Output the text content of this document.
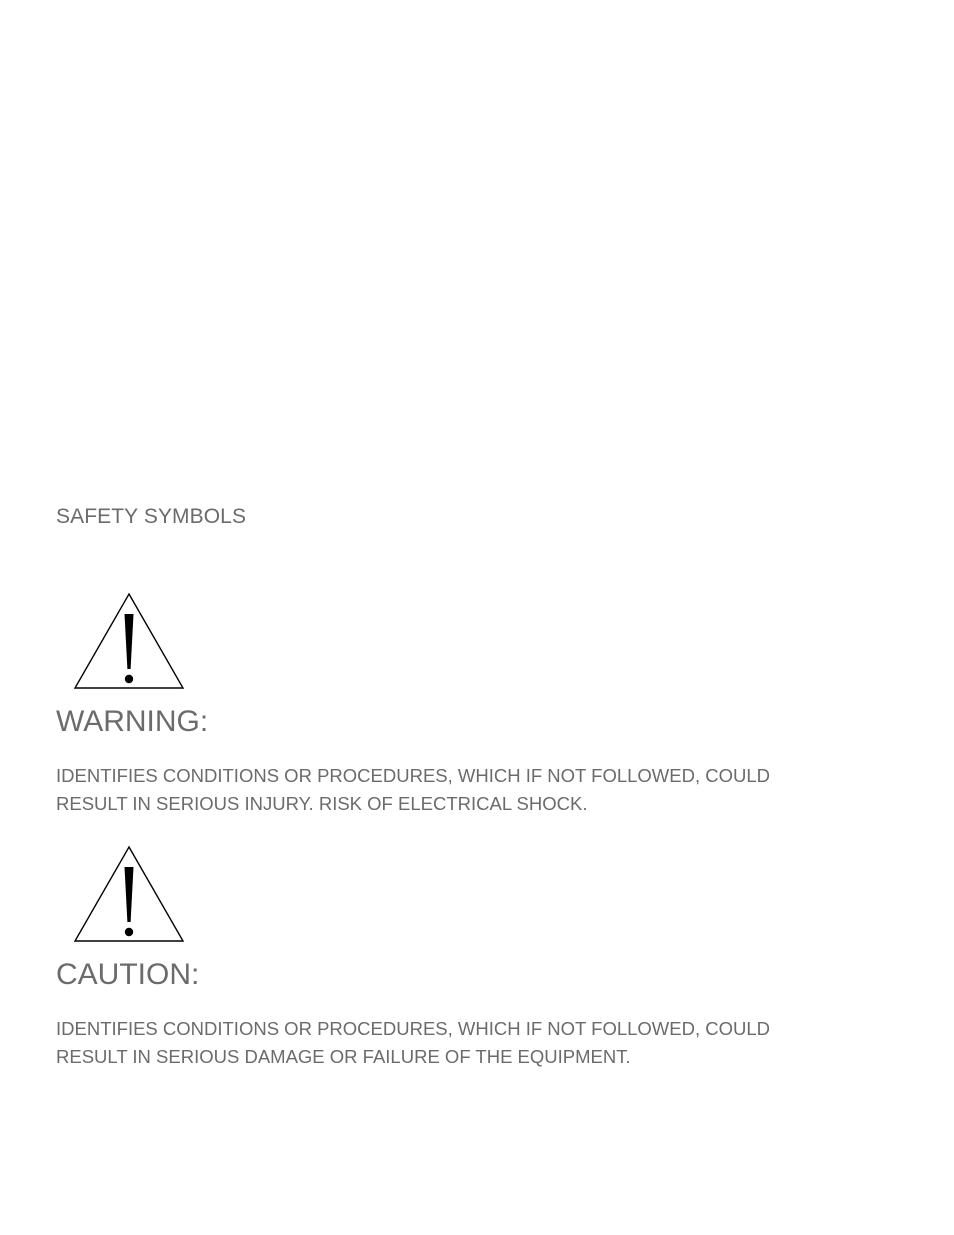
SAFETY SYMBOLS
WARNING:

IDENTIFIES CONDITIONS OR PROCEDURES, WHICH IF NOT FOLLOWED, COULD
RESULT IN SERIOUS INJURY. RISK OF ELECTRICAL SHOCK.

CAUTION:

IDENTIFIES CONDITIONS OR PROCEDURES, WHICH IF NOT FOLLOWED, COULD
RESULT IN SERIOUS DAMAGE OR FAILURE OF THE EQUIPMENT.
